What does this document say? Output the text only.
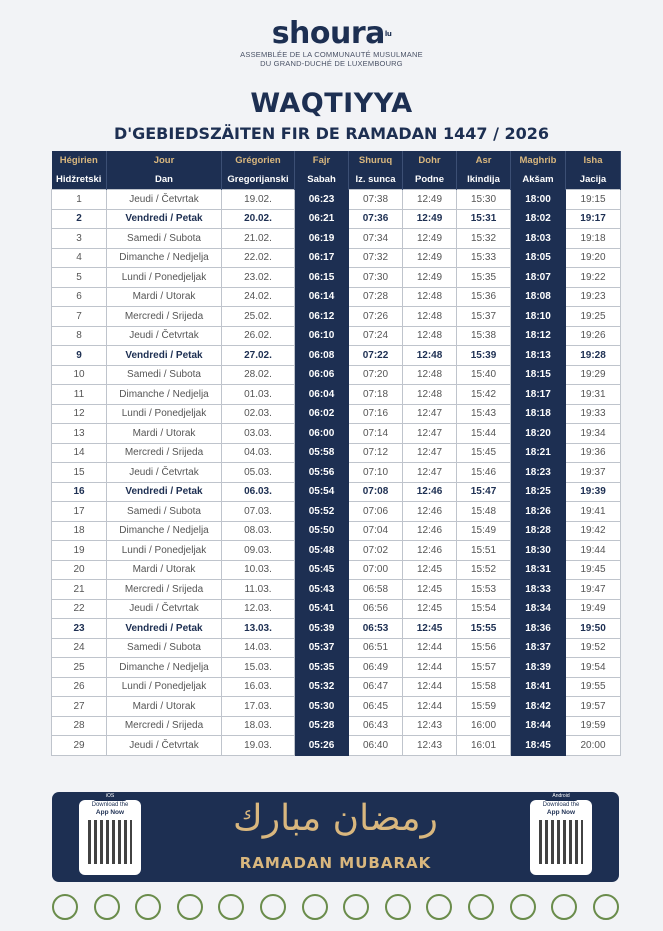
shoura$^{lu}$
ASSEMBLÉE DE LA COMMUNAUTÉ MUSULMANE
DU GRAND-DUCHÉ DE LUXEMBOURG
WAQTIYYA
D'GEBIEDSZÄITEN FIR DE RAMADAN 1447 / 2026
Hégirien	Jour	Grégorien	Fajr	Shuruq	Dohr	Asr	Maghrib	Isha
Hidžretski	Dan	Gregorijanski	Sabah	Iz. sunca	Podne	Ikindija	Akšam	Jacija
1	Jeudi / Četvrtak	19.02.	06:23	07:38	12:49	15:30	18:00	19:15
2	Vendredi / Petak	20.02.	06:21	07:36	12:49	15:31	18:02	19:17
3	Samedi / Subota	21.02.	06:19	07:34	12:49	15:32	18:03	19:18
4	Dimanche / Nedjelja	22.02.	06:17	07:32	12:49	15:33	18:05	19:20
5	Lundi / Ponedjeljak	23.02.	06:15	07:30	12:49	15:35	18:07	19:22
6	Mardi / Utorak	24.02.	06:14	07:28	12:48	15:36	18:08	19:23
7	Mercredi / Srijeda	25.02.	06:12	07:26	12:48	15:37	18:10	19:25
8	Jeudi / Četvrtak	26.02.	06:10	07:24	12:48	15:38	18:12	19:26
9	Vendredi / Petak	27.02.	06:08	07:22	12:48	15:39	18:13	19:28
10	Samedi / Subota	28.02.	06:06	07:20	12:48	15:40	18:15	19:29
11	Dimanche / Nedjelja	01.03.	06:04	07:18	12:48	15:42	18:17	19:31
12	Lundi / Ponedjeljak	02.03.	06:02	07:16	12:47	15:43	18:18	19:33
13	Mardi / Utorak	03.03.	06:00	07:14	12:47	15:44	18:20	19:34
14	Mercredi / Srijeda	04.03.	05:58	07:12	12:47	15:45	18:21	19:36
15	Jeudi / Četvrtak	05.03.	05:56	07:10	12:47	15:46	18:23	19:37
16	Vendredi / Petak	06.03.	05:54	07:08	12:46	15:47	18:25	19:39
17	Samedi / Subota	07.03.	05:52	07:06	12:46	15:48	18:26	19:41
18	Dimanche / Nedjelja	08.03.	05:50	07:04	12:46	15:49	18:28	19:42
19	Lundi / Ponedjeljak	09.03.	05:48	07:02	12:46	15:51	18:30	19:44
20	Mardi / Utorak	10.03.	05:45	07:00	12:45	15:52	18:31	19:45
21	Mercredi / Srijeda	11.03.	05:43	06:58	12:45	15:53	18:33	19:47
22	Jeudi / Četvrtak	12.03.	05:41	06:56	12:45	15:54	18:34	19:49
23	Vendredi / Petak	13.03.	05:39	06:53	12:45	15:55	18:36	19:50
24	Samedi / Subota	14.03.	05:37	06:51	12:44	15:56	18:37	19:52
25	Dimanche / Nedjelja	15.03.	05:35	06:49	12:44	15:57	18:39	19:54
26	Lundi / Ponedjeljak	16.03.	05:32	06:47	12:44	15:58	18:41	19:55
27	Mardi / Utorak	17.03.	05:30	06:45	12:44	15:59	18:42	19:57
28	Mercredi / Srijeda	18.03.	05:28	06:43	12:43	16:00	18:44	19:59
29	Jeudi / Četvrtak	19.03.	05:26	06:40	12:43	16:01	18:45	20:00
iOS
Download the
App Now	رمضان مبارك
RAMADAN MUBARAK
Android
Download the
App Now
